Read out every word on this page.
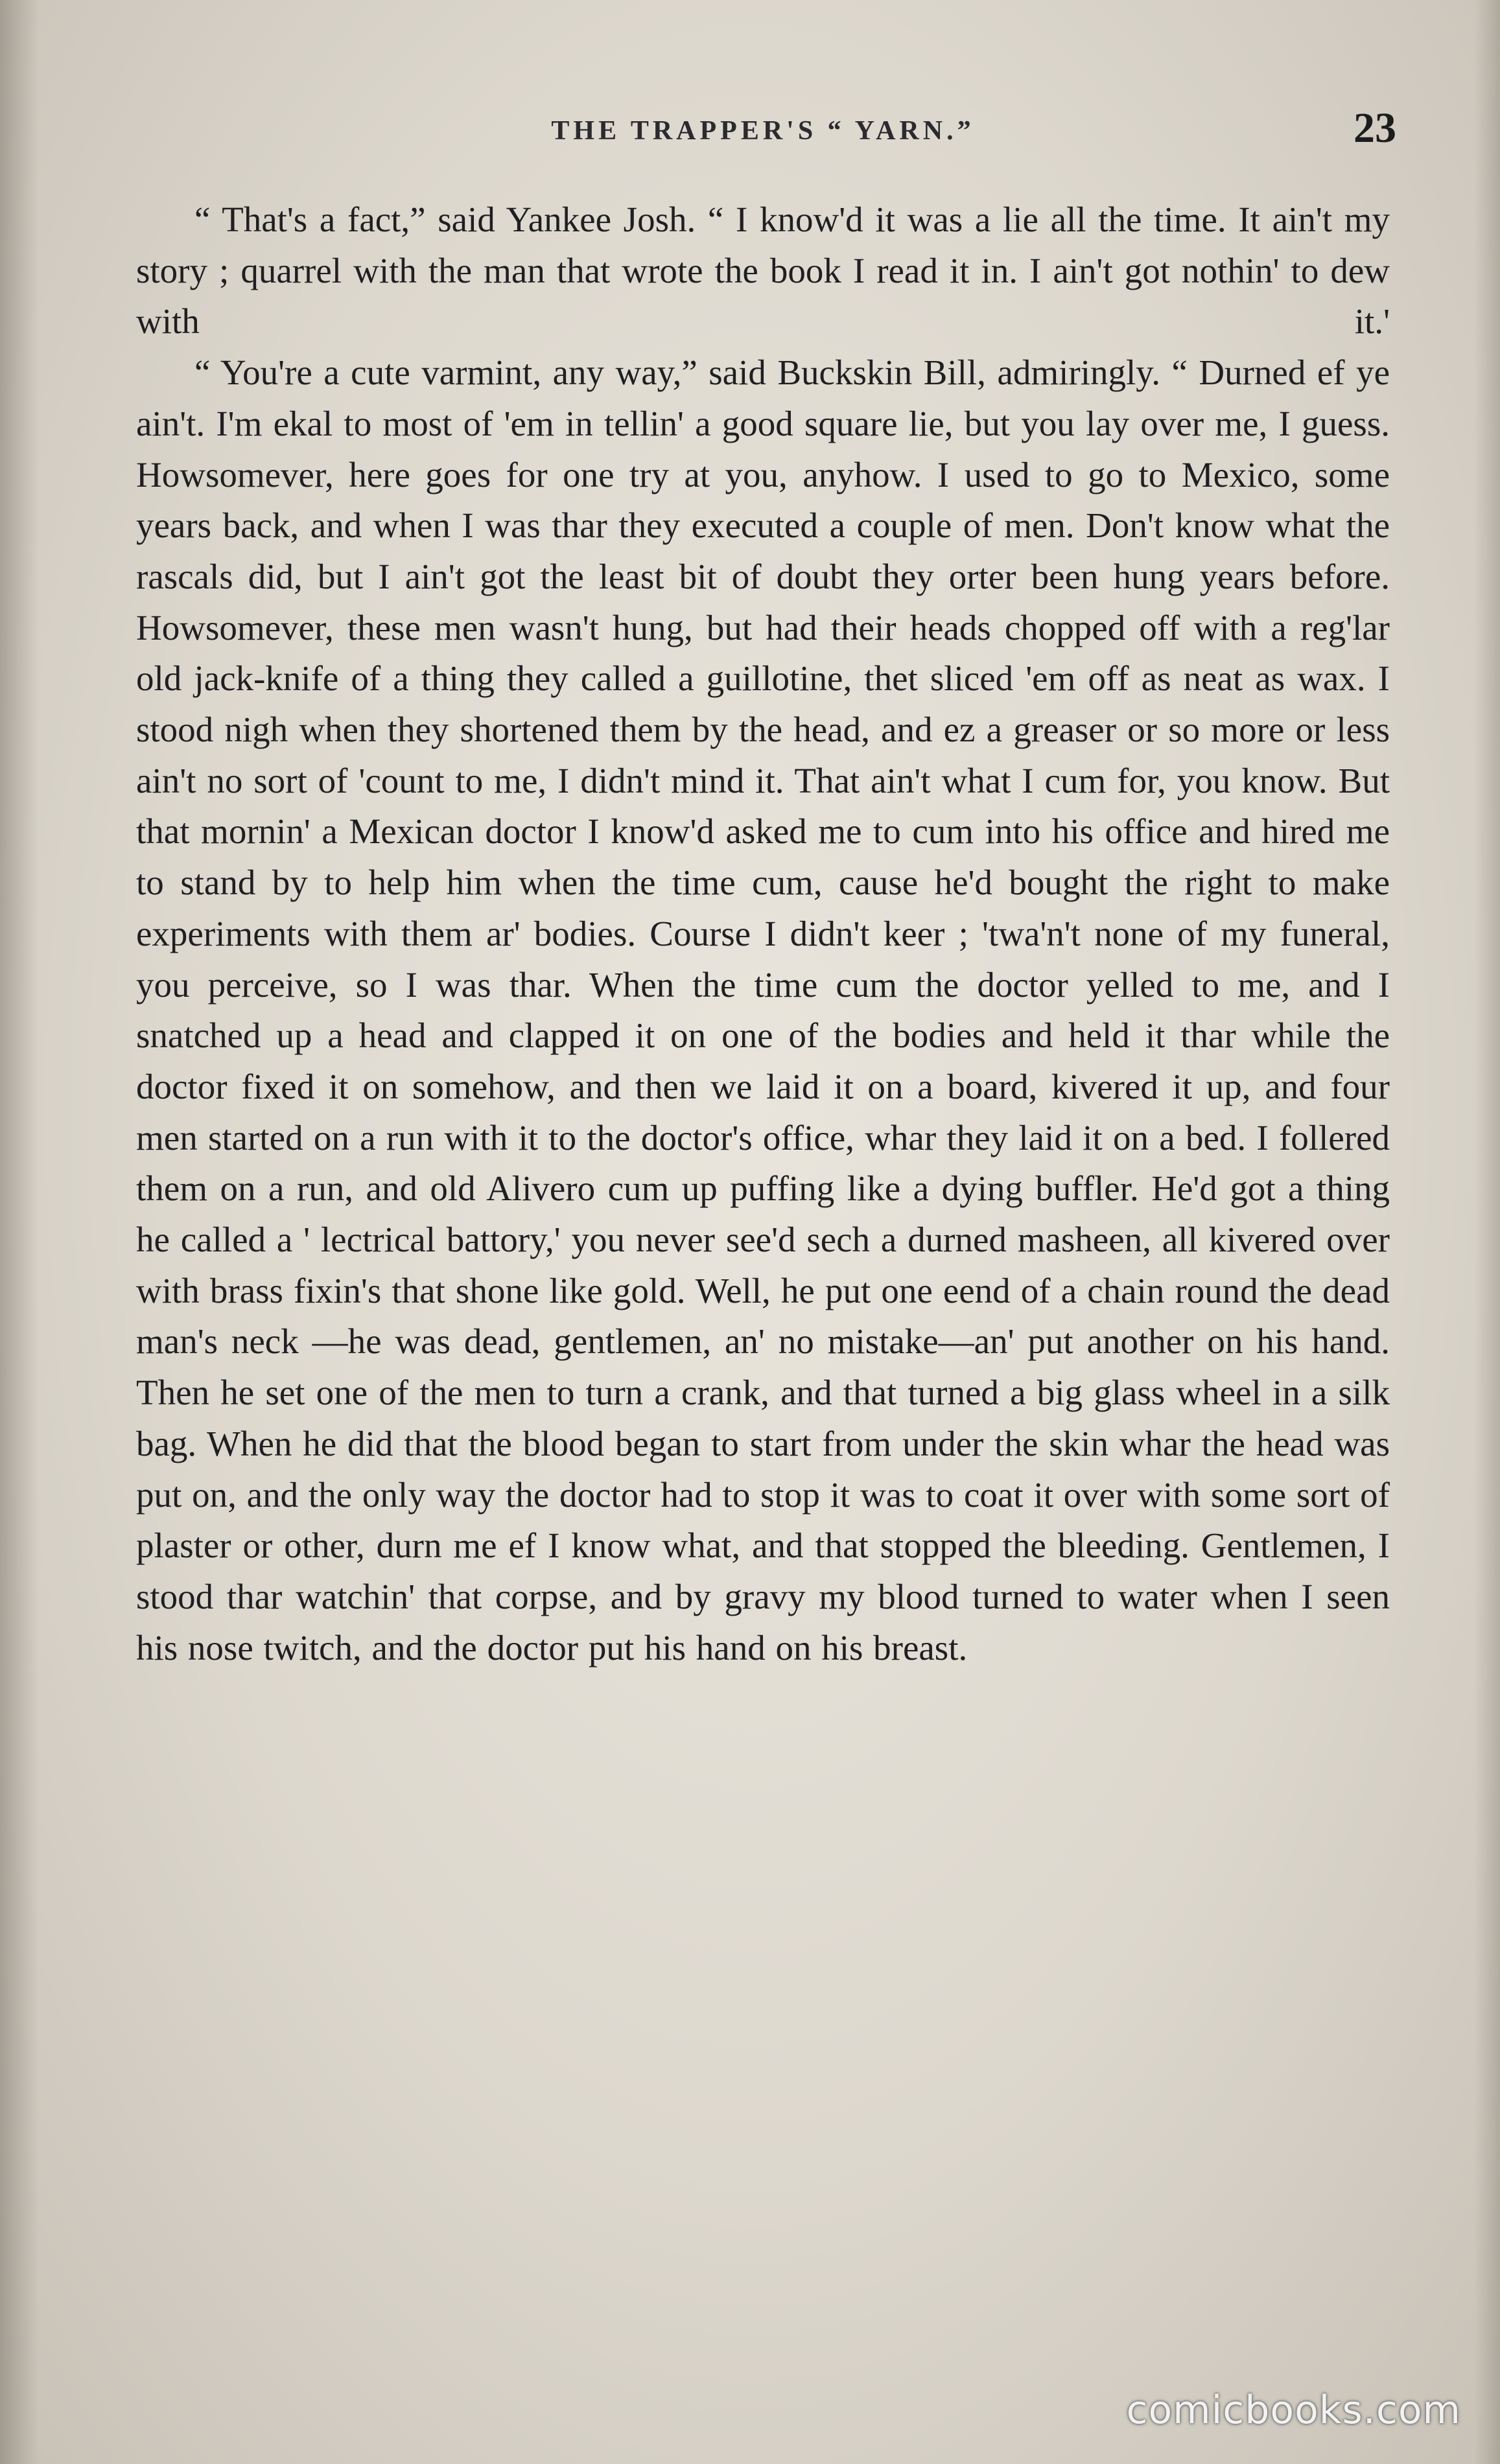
THE TRAPPER'S “ YARN.”	23

“ That's a fact,” said Yankee Josh. “ I know'd it was a lie all the time. It ain't my story ; quarrel with the man that wrote the book I read it in. I ain't got nothin' to dew with it.'

“ You're a cute varmint, any way,” said Buckskin Bill, admiringly. “ Durned ef ye ain't. I'm ekal to most of 'em in tellin' a good square lie, but you lay over me, I guess. Howsomever, here goes for one try at you, anyhow. I used to go to Mexico, some years back, and when I was thar they executed a couple of men. Don't know what the rascals did, but I ain't got the least bit of doubt they orter been hung years before. Howsomever, these men wasn't hung, but had their heads chopped off with a reg'lar old jack-knife of a thing they called a guillotine, thet sliced 'em off as neat as wax. I stood nigh when they shortened them by the head, and ez a greaser or so more or less ain't no sort of 'count to me, I didn't mind it. That ain't what I cum for, you know. But that mornin' a Mexican doctor I know'd asked me to cum into his office and hired me to stand by to help him when the time cum, cause he'd bought the right to make experiments with them ar' bodies. Course I didn't keer ; 'twa'n't none of my funeral, you perceive, so I was thar. When the time cum the doctor yelled to me, and I snatched up a head and clapped it on one of the bodies and held it thar while the doctor fixed it on somehow, and then we laid it on a board, kivered it up, and four men started on a run with it to the doctor's office, whar they laid it on a bed. I follered them on a run, and old Alivero cum up puffing like a dying buffler. He'd got a thing he called a ' lectrical battory,' you never see'd sech a durned masheen, all kivered over with brass fixin's that shone like gold. Well, he put one eend of a chain round the dead man's neck —he was dead, gentlemen, an' no mistake—an' put another on his hand. Then he set one of the men to turn a crank, and that turned a big glass wheel in a silk bag. When he did that the blood began to start from under the skin whar the head was put on, and the only way the doctor had to stop it was to coat it over with some sort of plaster or other, durn me ef I know what, and that stopped the bleeding. Gentlemen, I stood thar watchin' that corpse, and by gravy my blood turned to water when I seen his nose twitch, and the doctor put his hand on his breast.

comicbooks.com
